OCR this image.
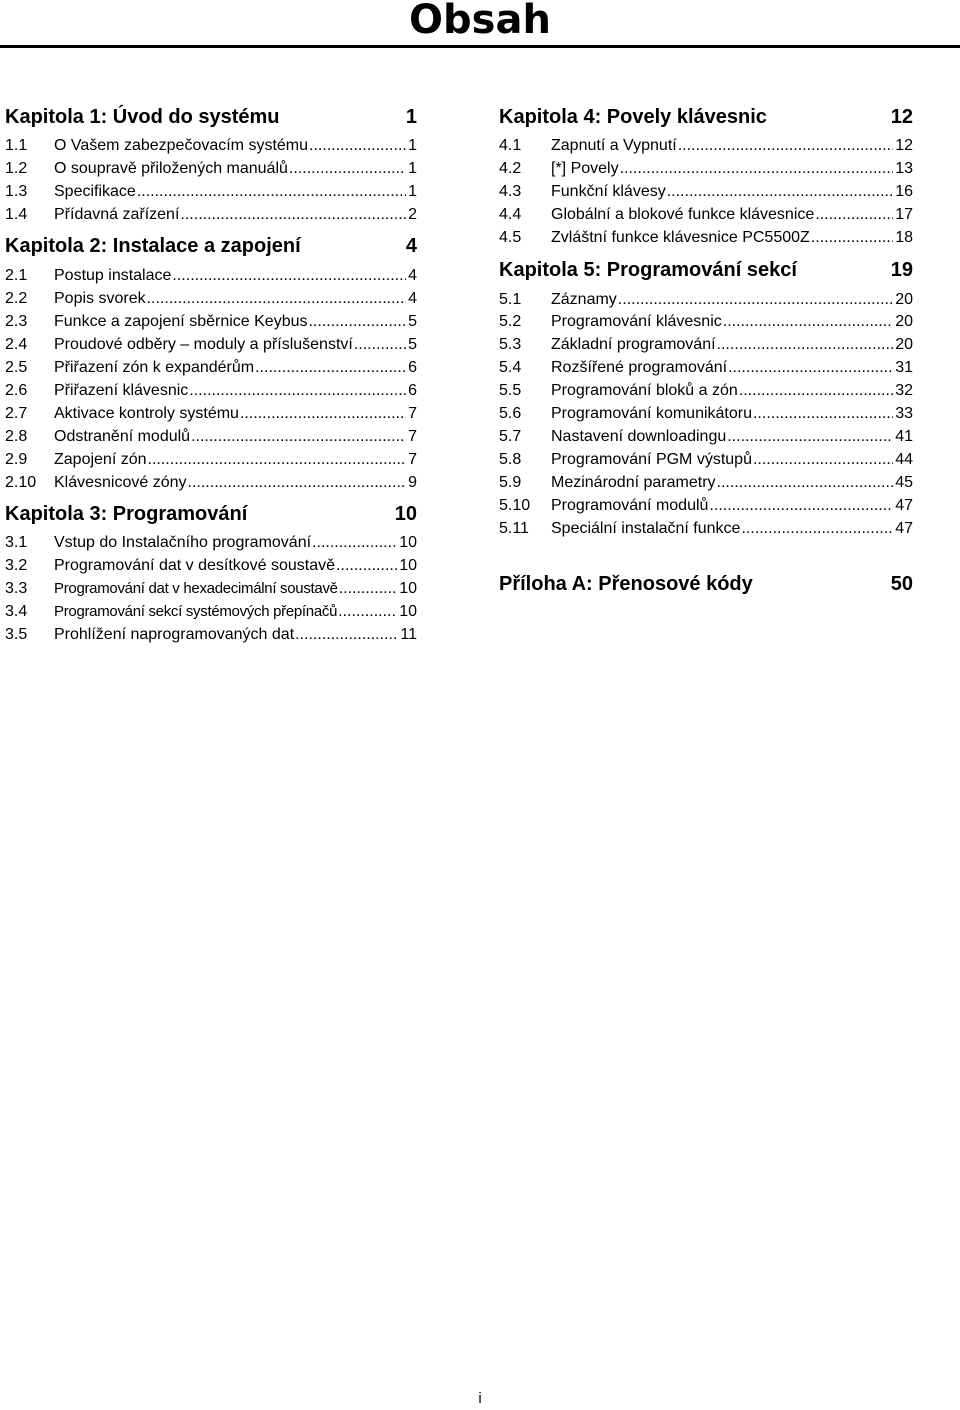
Obsah
Kapitola 1: Úvod do systému	1
1.1	O Vašem zabezpečovacím systému .....	1
1.2	O soupravě přiložených manuálů .....	1
1.3	Specifikace .....	1
1.4	Přídavná zařízení .....	2
Kapitola 2: Instalace a zapojení	4
2.1	Postup instalace .....	4
2.2	Popis svorek .....	4
2.3	Funkce a zapojení sběrnice Keybus .....	5
2.4	Proudové odběry – moduly a příslušenství .....	5
2.5	Přiřazení zón k expandérům .....	6
2.6	Přiřazení klávesnic .....	6
2.7	Aktivace kontroly systému .....	7
2.8	Odstranění modulů .....	7
2.9	Zapojení zón .....	7
2.10	Klávesnicové zóny .....	9
Kapitola 3: Programování	10
3.1	Vstup do Instalačního programování .....	10
3.2	Programování dat v desítkové soustavě .....	10
3.3	Programování dat v hexadecimální soustavě .....	10
3.4	Programování sekcí systémových přepínačů .....	10
3.5	Prohlížení naprogramovaných dat .....	11
Kapitola 4: Povely klávesnic	12
4.1	Zapnutí a Vypnutí .....	12
4.2	[*] Povely .....	13
4.3	Funkční klávesy .....	16
4.4	Globální a blokové funkce klávesnice .....	17
4.5	Zvláštní funkce klávesnice PC5500Z .....	18
Kapitola 5: Programování sekcí	19
5.1	Záznamy .....	20
5.2	Programování klávesnic .....	20
5.3	Základní programování .....	20
5.4	Rozšířené programování .....	31
5.5	Programování bloků a zón .....	32
5.6	Programování komunikátoru .....	33
5.7	Nastavení downloadingu .....	41
5.8	Programování PGM výstupů .....	44
5.9	Mezinárodní parametry .....	45
5.10	Programování modulů .....	47
5.11	Speciální instalační funkce .....	47
Příloha A: Přenosové kódy	50
i
